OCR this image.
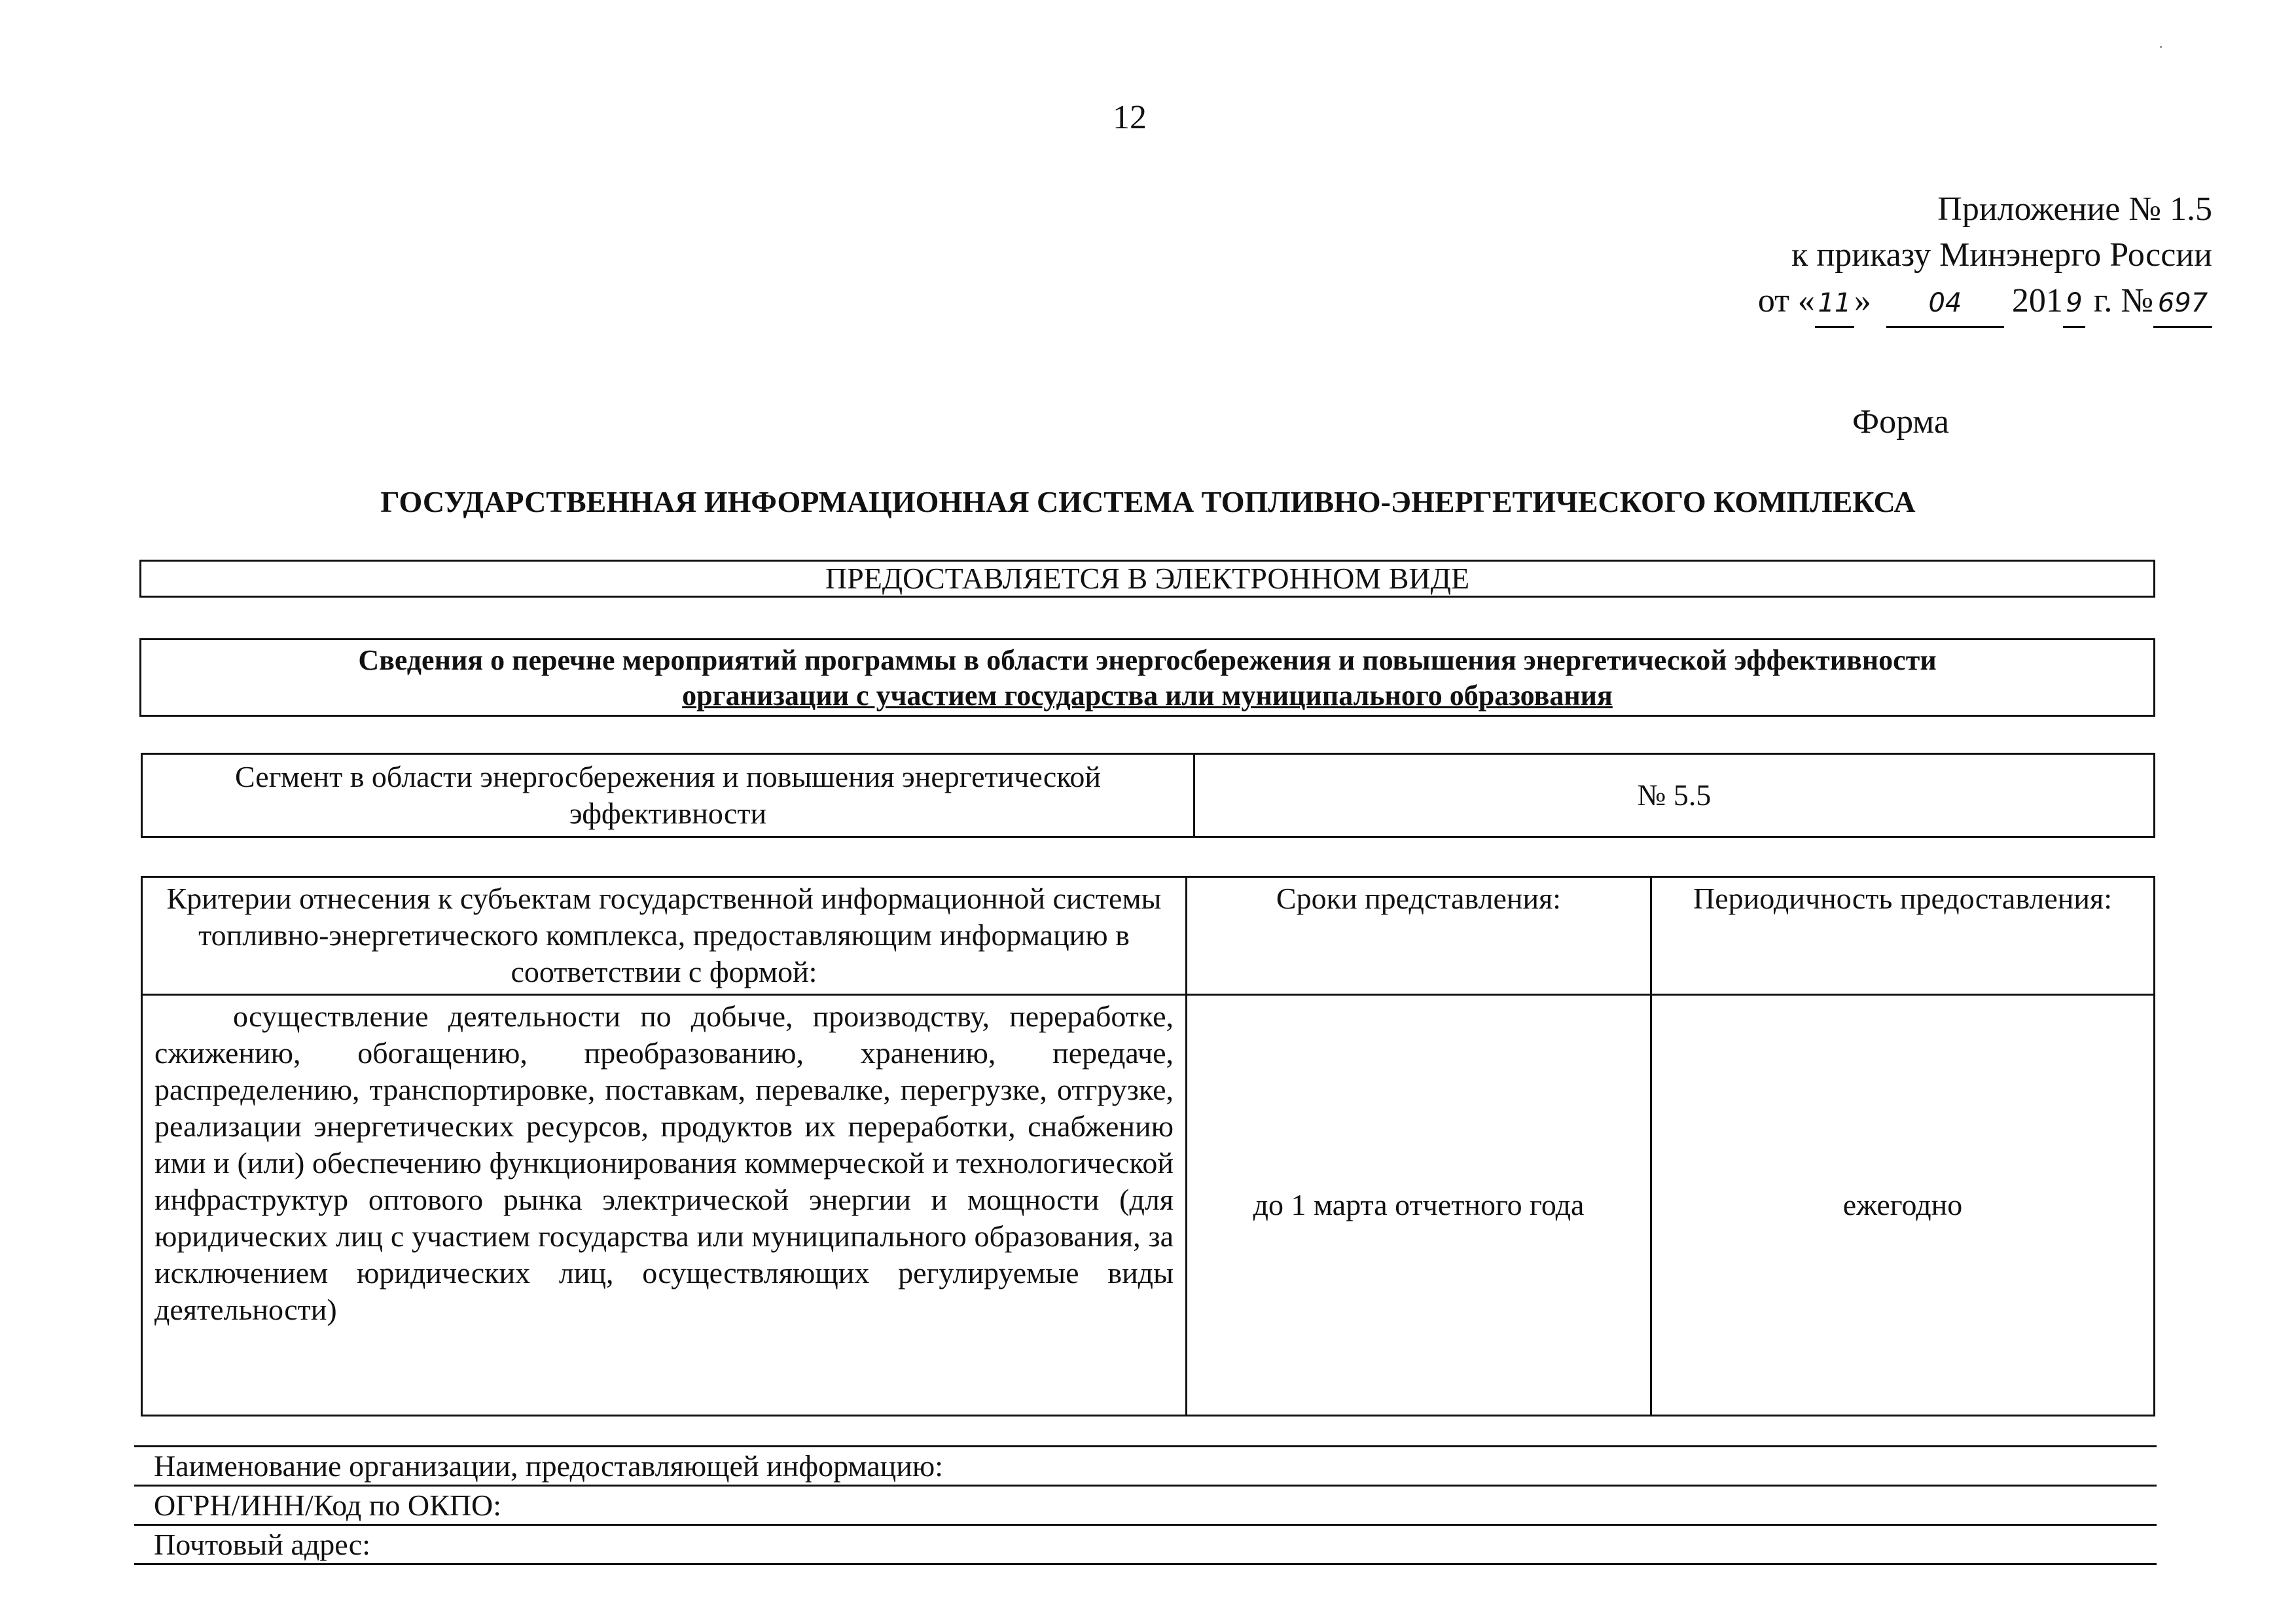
12
Приложение № 1.5
к приказу Минэнерго России
от « 11» 04 201 9 г. № 697
Форма
ГОСУДАРСТВЕННАЯ ИНФОРМАЦИОННАЯ СИСТЕМА ТОПЛИВНО-ЭНЕРГЕТИЧЕСКОГО КОМПЛЕКСА
ПРЕДОСТАВЛЯЕТСЯ В ЭЛЕКТРОННОМ ВИДЕ
Сведения о перечне мероприятий программы в области энергосбережения и повышения энергетической эффективности
организации с участием государства или муниципального образования
Сегмент в области энергосбережения и повышения энергетической эффективности	№ 5.5
Критерии отнесения к субъектам государственной информационной системы топливно-энергетического комплекса, предоставляющим информацию в соответствии с формой:	Сроки представления:	Периодичность предоставления:

осуществление деятельности по добыче, производству, переработке, сжижению, обогащению, преобразованию, хранению, передаче, распределению, транспортировке, поставкам, перевалке, перегрузке, отгрузке, реализации энергетических ресурсов, продуктов их переработки, снабжению ими и (или) обеспечению функционирования коммерческой и технологической инфраструктур оптового рынка электрической энергии и мощности (для юридических лиц с участием государства или муниципального образования, за исключением юридических лиц, осуществляющих регулируемые виды деятельности)	до 1 марта отчетного года	ежегодно
Наименование организации, предоставляющей информацию:
ОГРН/ИНН/Код по ОКПО:
Почтовый адрес:
